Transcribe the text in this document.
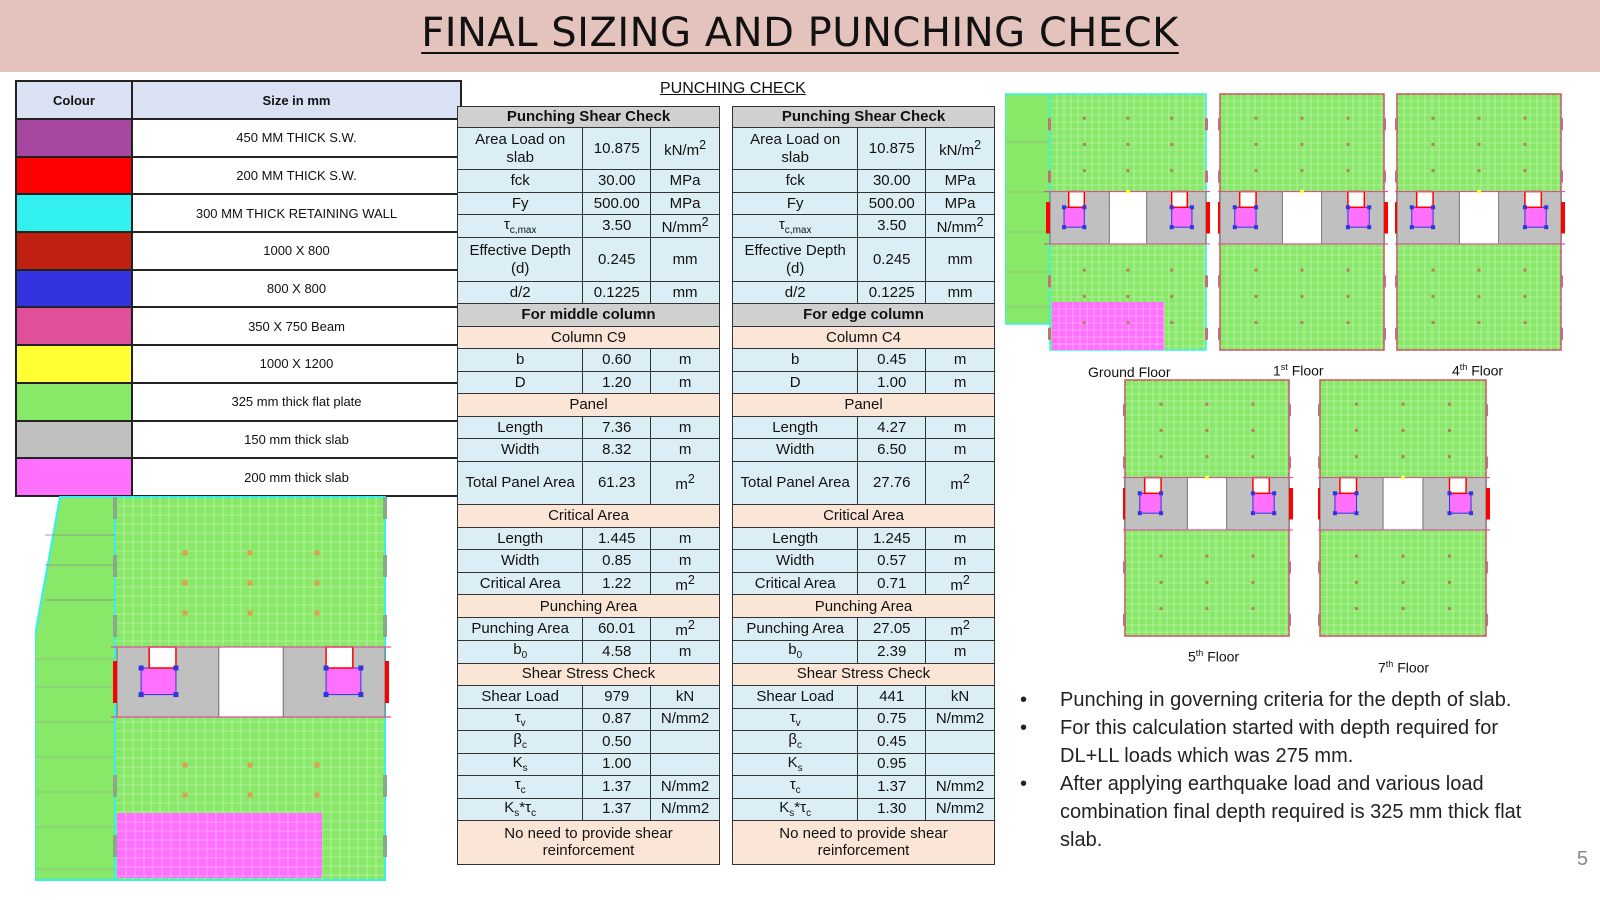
FINAL SIZING AND PUNCHING CHECK
Colour	Size in mm
	450 MM THICK S.W.
	200 MM THICK S.W.
	300 MM THICK RETAINING WALL
	1000 X 800
	800 X 800
	350 X 750 Beam
	1000 X 1200
	325 mm thick flat plate
	150 mm thick slab
	200 mm thick slab
PUNCHING CHECK
Punching Shear Check		
Area Load on slab	10.875	$kN/m^2$
fck	30.00	MPa
Fy	500.00	MPa
$\tau_{c,max}$	3.50	$N/mm^2$
Effective Depth (d)	0.245	mm
d/2	0.1225	mm
For middle column		
Column C9		
b	0.60	m
D	1.20	m
Panel		
Length	7.36	m
Width	8.32	m
Total Panel Area	61.23	$m^2$
Critical Area		
Length	1.445	m
Width	0.85	m
Critical Area	1.22	$m^2$
Punching Area		
Punching Area	60.01	$m^2$
$b_0$	4.58	m
Shear Stress Check		
Shear Load	979	kN
$\tau_v$	0.87	N/mm2
$\beta_c$	0.50	
$K_s$	1.00	
$\tau_c$	1.37	N/mm2
$K_s*\tau_c$	1.37	N/mm2
No need to provide shear reinforcement		
Punching Shear Check		
Area Load on slab	10.875	$kN/m^2$
fck	30.00	MPa
Fy	500.00	MPa
$\tau_{c,max}$	3.50	$N/mm^2$
Effective Depth (d)	0.245	mm
d/2	0.1225	mm
For edge column		
Column C4		
b	0.45	m
D	1.00	m
Panel		
Length	4.27	m
Width	6.50	m
Total Panel Area	27.76	$m^2$
Critical Area		
Length	1.245	m
Width	0.57	m
Critical Area	0.71	$m^2$
Punching Area		
Punching Area	27.05	$m^2$
$b_0$	2.39	m
Shear Stress Check		
Shear Load	441	kN
$\tau_v$	0.75	N/mm2
$\beta_c$	0.45	
$K_s$	0.95	
$\tau_c$	1.37	N/mm2
$K_s*\tau_c$	1.30	N/mm2
No need to provide shear reinforcement		
Ground Floor	1st Floor	4th Floor
5th Floor
7th Floor
• Punching in governing criteria for the depth of slab.
• For this calculation started with depth required for DL+LL loads which was 275 mm.
• After applying earthquake load and various load combination final depth required is 325 mm thick flat slab.
5
